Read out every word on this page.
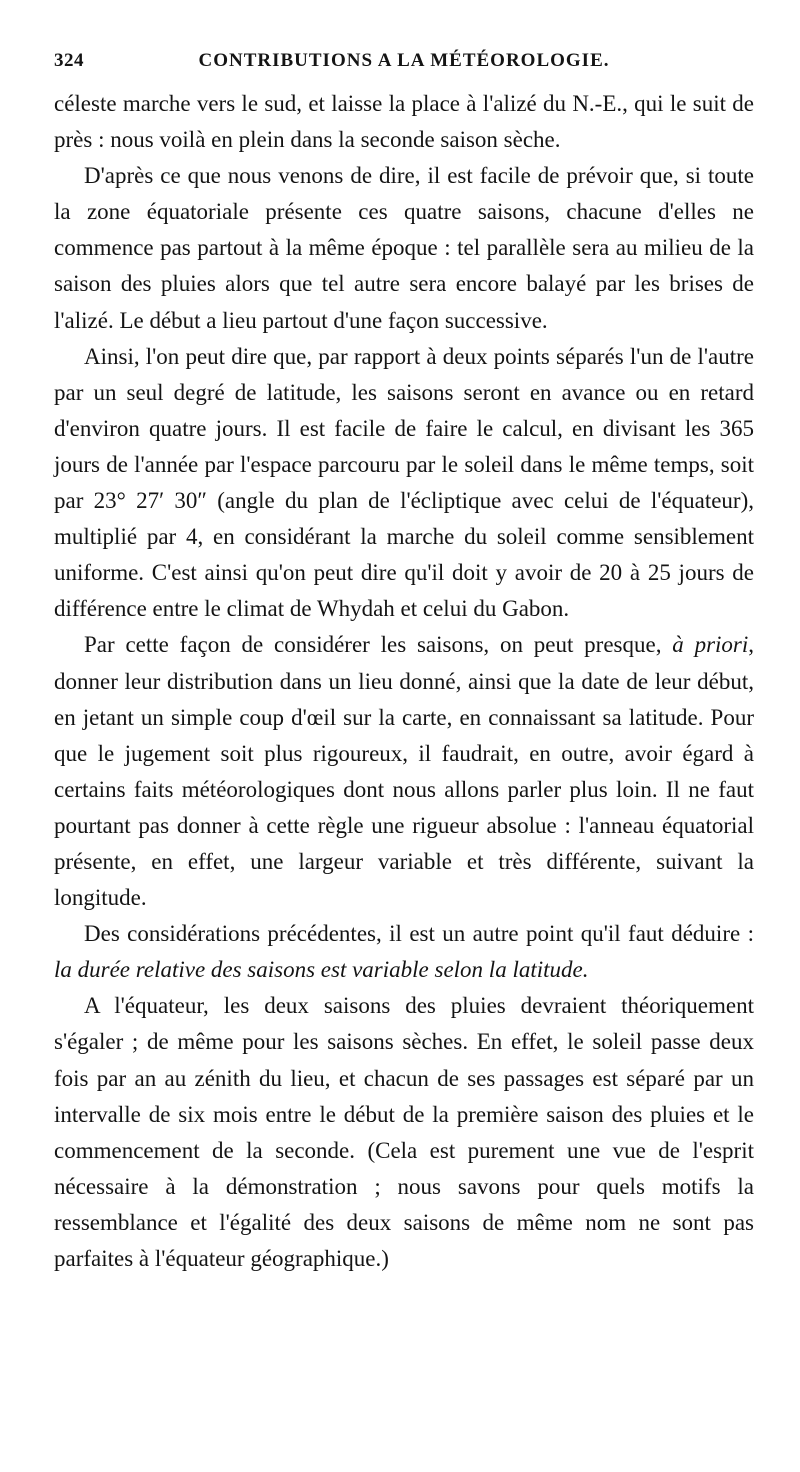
324	CONTRIBUTIONS A LA MÉTÉOROLOGIE.

céleste marche vers le sud, et laisse la place à l'alizé du N.-E., qui le suit de près : nous voilà en plein dans la seconde saison sèche.

D'après ce que nous venons de dire, il est facile de prévoir que, si toute la zone équatoriale présente ces quatre saisons, chacune d'elles ne commence pas partout à la même époque : tel parallèle sera au milieu de la saison des pluies alors que tel autre sera encore balayé par les brises de l'alizé. Le début a lieu partout d'une façon successive.

Ainsi, l'on peut dire que, par rapport à deux points séparés l'un de l'autre par un seul degré de latitude, les saisons seront en avance ou en retard d'environ quatre jours. Il est facile de faire le calcul, en divisant les 365 jours de l'année par l'espace parcouru par le soleil dans le même temps, soit par 23° 27′ 30″ (angle du plan de l'écliptique avec celui de l'équateur), multiplié par 4, en considérant la marche du soleil comme sensiblement uniforme. C'est ainsi qu'on peut dire qu'il doit y avoir de 20 à 25 jours de différence entre le climat de Whydah et celui du Gabon.

Par cette façon de considérer les saisons, on peut presque, à priori, donner leur distribution dans un lieu donné, ainsi que la date de leur début, en jetant un simple coup d'œil sur la carte, en connaissant sa latitude. Pour que le jugement soit plus rigoureux, il faudrait, en outre, avoir égard à certains faits météorologiques dont nous allons parler plus loin. Il ne faut pourtant pas donner à cette règle une rigueur absolue : l'anneau équatorial présente, en effet, une largeur variable et très différente, suivant la longitude.

Des considérations précédentes, il est un autre point qu'il faut déduire : la durée relative des saisons est variable selon la latitude.

A l'équateur, les deux saisons des pluies devraient théoriquement s'égaler ; de même pour les saisons sèches. En effet, le soleil passe deux fois par an au zénith du lieu, et chacun de ses passages est séparé par un intervalle de six mois entre le début de la première saison des pluies et le commencement de la seconde. (Cela est purement une vue de l'esprit nécessaire à la démonstration ; nous savons pour quels motifs la ressemblance et l'égalité des deux saisons de même nom ne sont pas parfaites à l'équateur géographique.)
